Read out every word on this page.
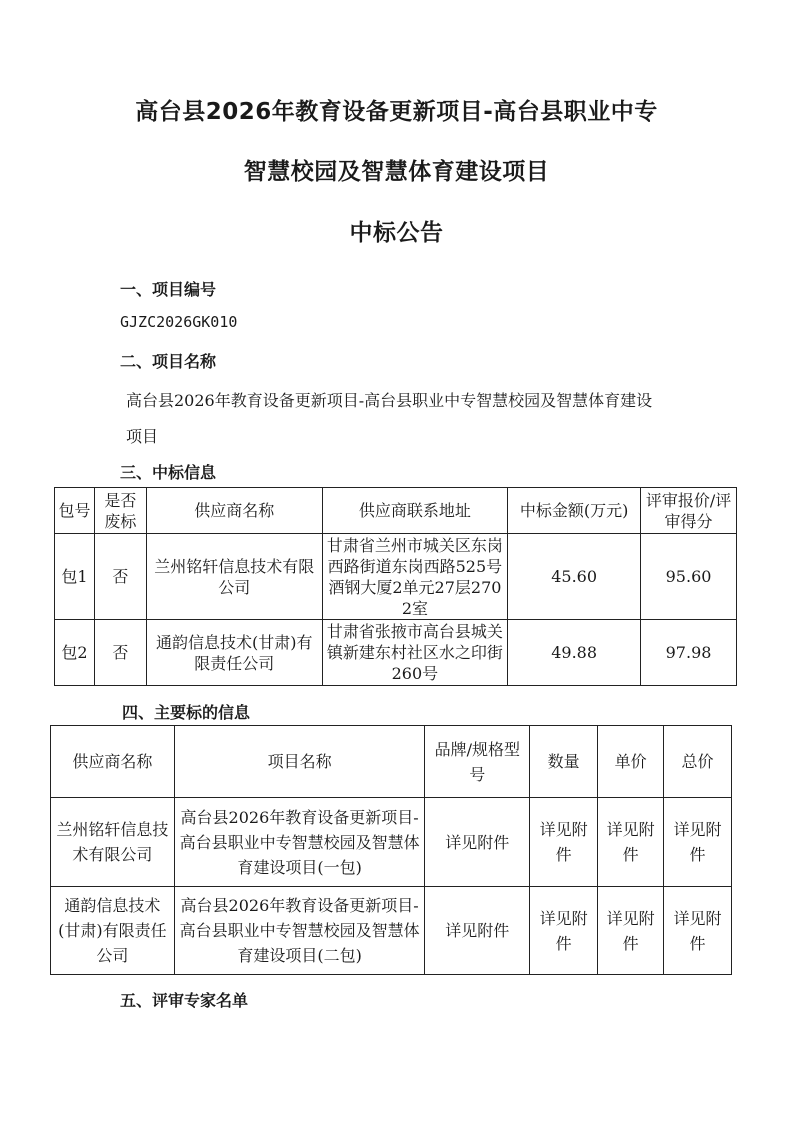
高台县2026年教育设备更新项目-高台县职业中专
智慧校园及智慧体育建设项目
中标公告
一、项目编号
GJZC2026GK010
二、项目名称
高台县2026年教育设备更新项目-高台县职业中专智慧校园及智慧体育建设
项目
三、中标信息
包号	是否废标	供应商名称	供应商联系地址	中标金额(万元)	评审报价/评审得分
包1	否	兰州铭轩信息技术有限公司	甘肃省兰州市城关区东岗西路街道东岗西路525号酒钢大厦2单元27层2702室	45.60	95.60
包2	否	通韵信息技术(甘肃)有限责任公司	甘肃省张掖市高台县城关镇新建东村社区水之印街260号	49.88	97.98
四、主要标的信息
供应商名称	项目名称	品牌/规格型号	数量	单价	总价
兰州铭轩信息技术有限公司	高台县2026年教育设备更新项目-高台县职业中专智慧校园及智慧体育建设项目(一包)	详见附件	详见附件	详见附件	详见附件
通韵信息技术(甘肃)有限责任公司	高台县2026年教育设备更新项目-高台县职业中专智慧校园及智慧体育建设项目(二包)	详见附件	详见附件	详见附件	详见附件
五、评审专家名单
